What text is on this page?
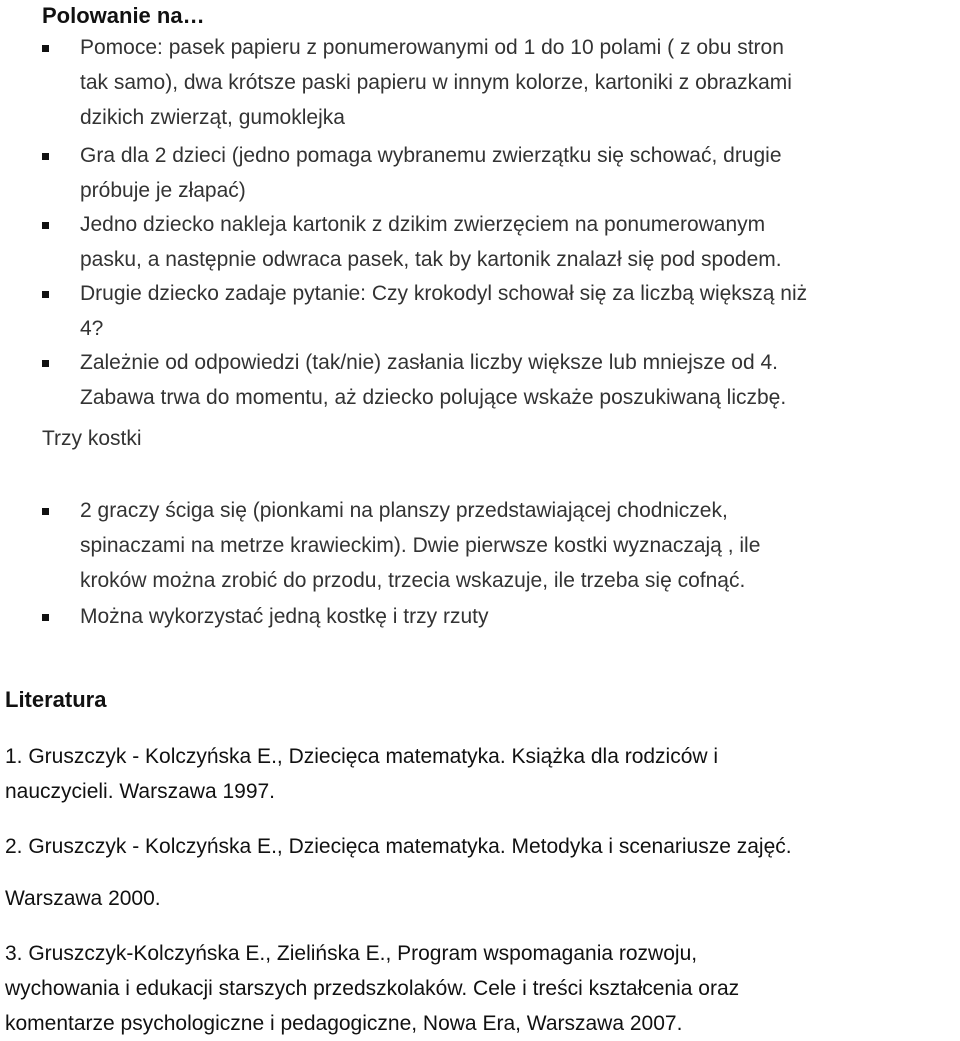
Polowanie na…
Pomoce: pasek papieru z ponumerowanymi od 1 do 10 polami ( z obu stron
tak samo), dwa krótsze paski papieru w innym kolorze, kartoniki z obrazkami
dzikich zwierząt, gumoklejka
Gra dla 2 dzieci (jedno pomaga wybranemu zwierzątku się schować, drugie
próbuje je złapać)
Jedno dziecko nakleja kartonik z dzikim zwierzęciem na ponumerowanym
pasku, a następnie odwraca pasek, tak by kartonik znalazł się pod spodem.
Drugie dziecko zadaje pytanie: Czy krokodyl schował się za liczbą większą niż
4?
Zależnie od odpowiedzi (tak/nie) zasłania liczby większe lub mniejsze od 4.
Zabawa trwa do momentu, aż dziecko polujące wskaże poszukiwaną liczbę.
Trzy kostki
2 graczy ściga się (pionkami na planszy przedstawiającej chodniczek,
spinaczami na metrze krawieckim). Dwie pierwsze kostki wyznaczają , ile
kroków można zrobić do przodu, trzecia wskazuje, ile trzeba się cofnąć.
Można wykorzystać jedną kostkę i trzy rzuty
Literatura
1. Gruszczyk - Kolczyńska E., Dziecięca matematyka. Książka dla rodziców i
nauczycieli. Warszawa 1997.
2. Gruszczyk - Kolczyńska E., Dziecięca matematyka. Metodyka i scenariusze zajęć.
Warszawa 2000.
3. Gruszczyk-Kolczyńska E., Zielińska E., Program wspomagania rozwoju,
wychowania i edukacji starszych przedszkolaków. Cele i treści kształcenia oraz
komentarze psychologiczne i pedagogiczne, Nowa Era, Warszawa 2007.
